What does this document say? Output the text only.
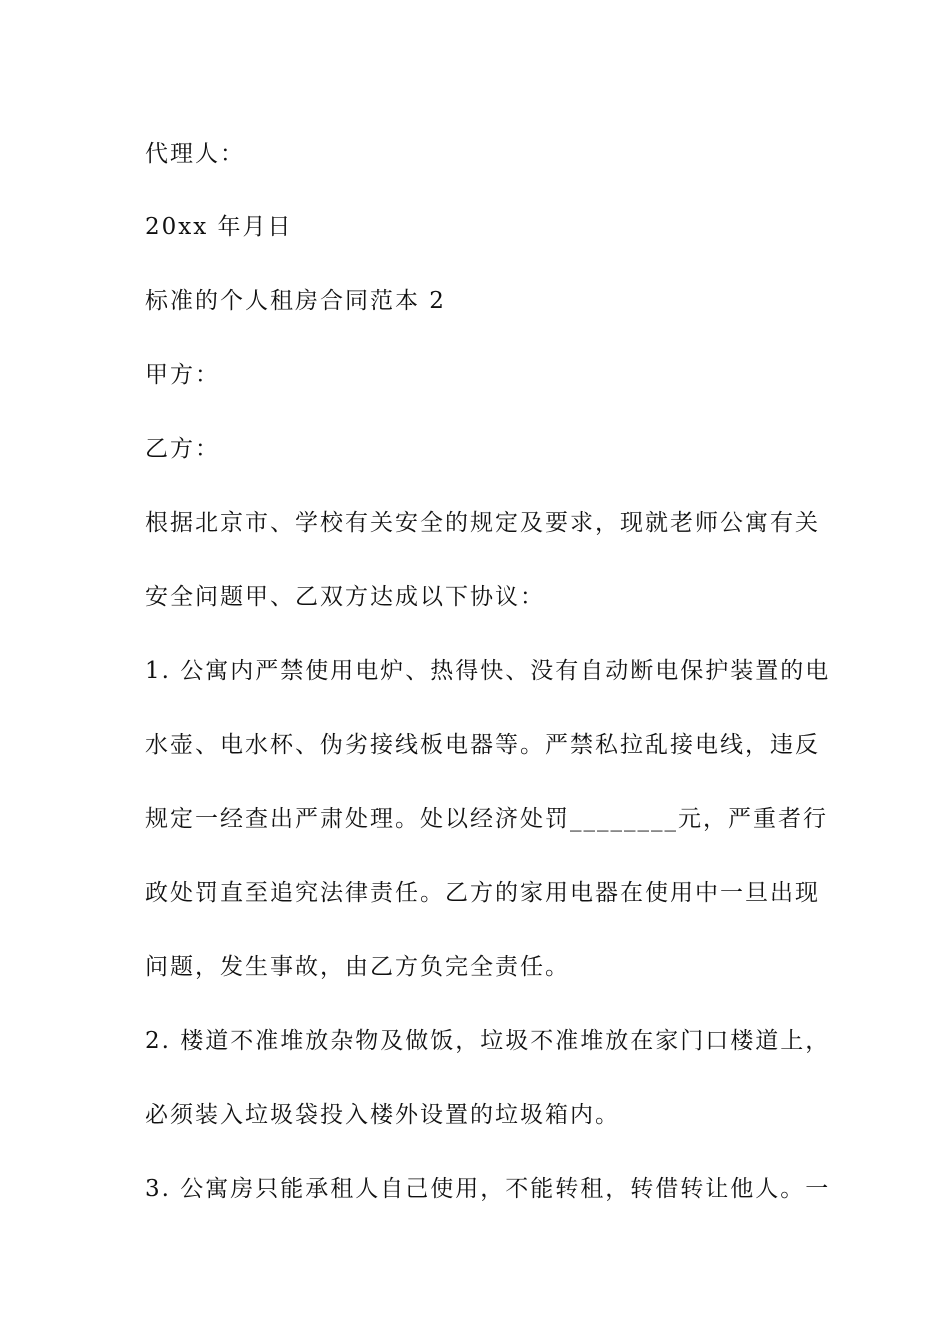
代理人：
20xx 年月日
标准的个人租房合同范本 2
甲方：
乙方：
根据北京市、学校有关安全的规定及要求，现就老师公寓有关
安全问题甲、乙双方达成以下协议：
1. 公寓内严禁使用电炉、热得快、没有自动断电保护装置的电
水壶、电水杯、伪劣接线板电器等。严禁私拉乱接电线，违反
规定一经查出严肃处理。处以经济处罚________元，严重者行
政处罚直至追究法律责任。乙方的家用电器在使用中一旦出现
问题，发生事故，由乙方负完全责任。
2. 楼道不准堆放杂物及做饭，垃圾不准堆放在家门口楼道上，
必须装入垃圾袋投入楼外设置的垃圾箱内。
3. 公寓房只能承租人自己使用，不能转租，转借转让他人。一
